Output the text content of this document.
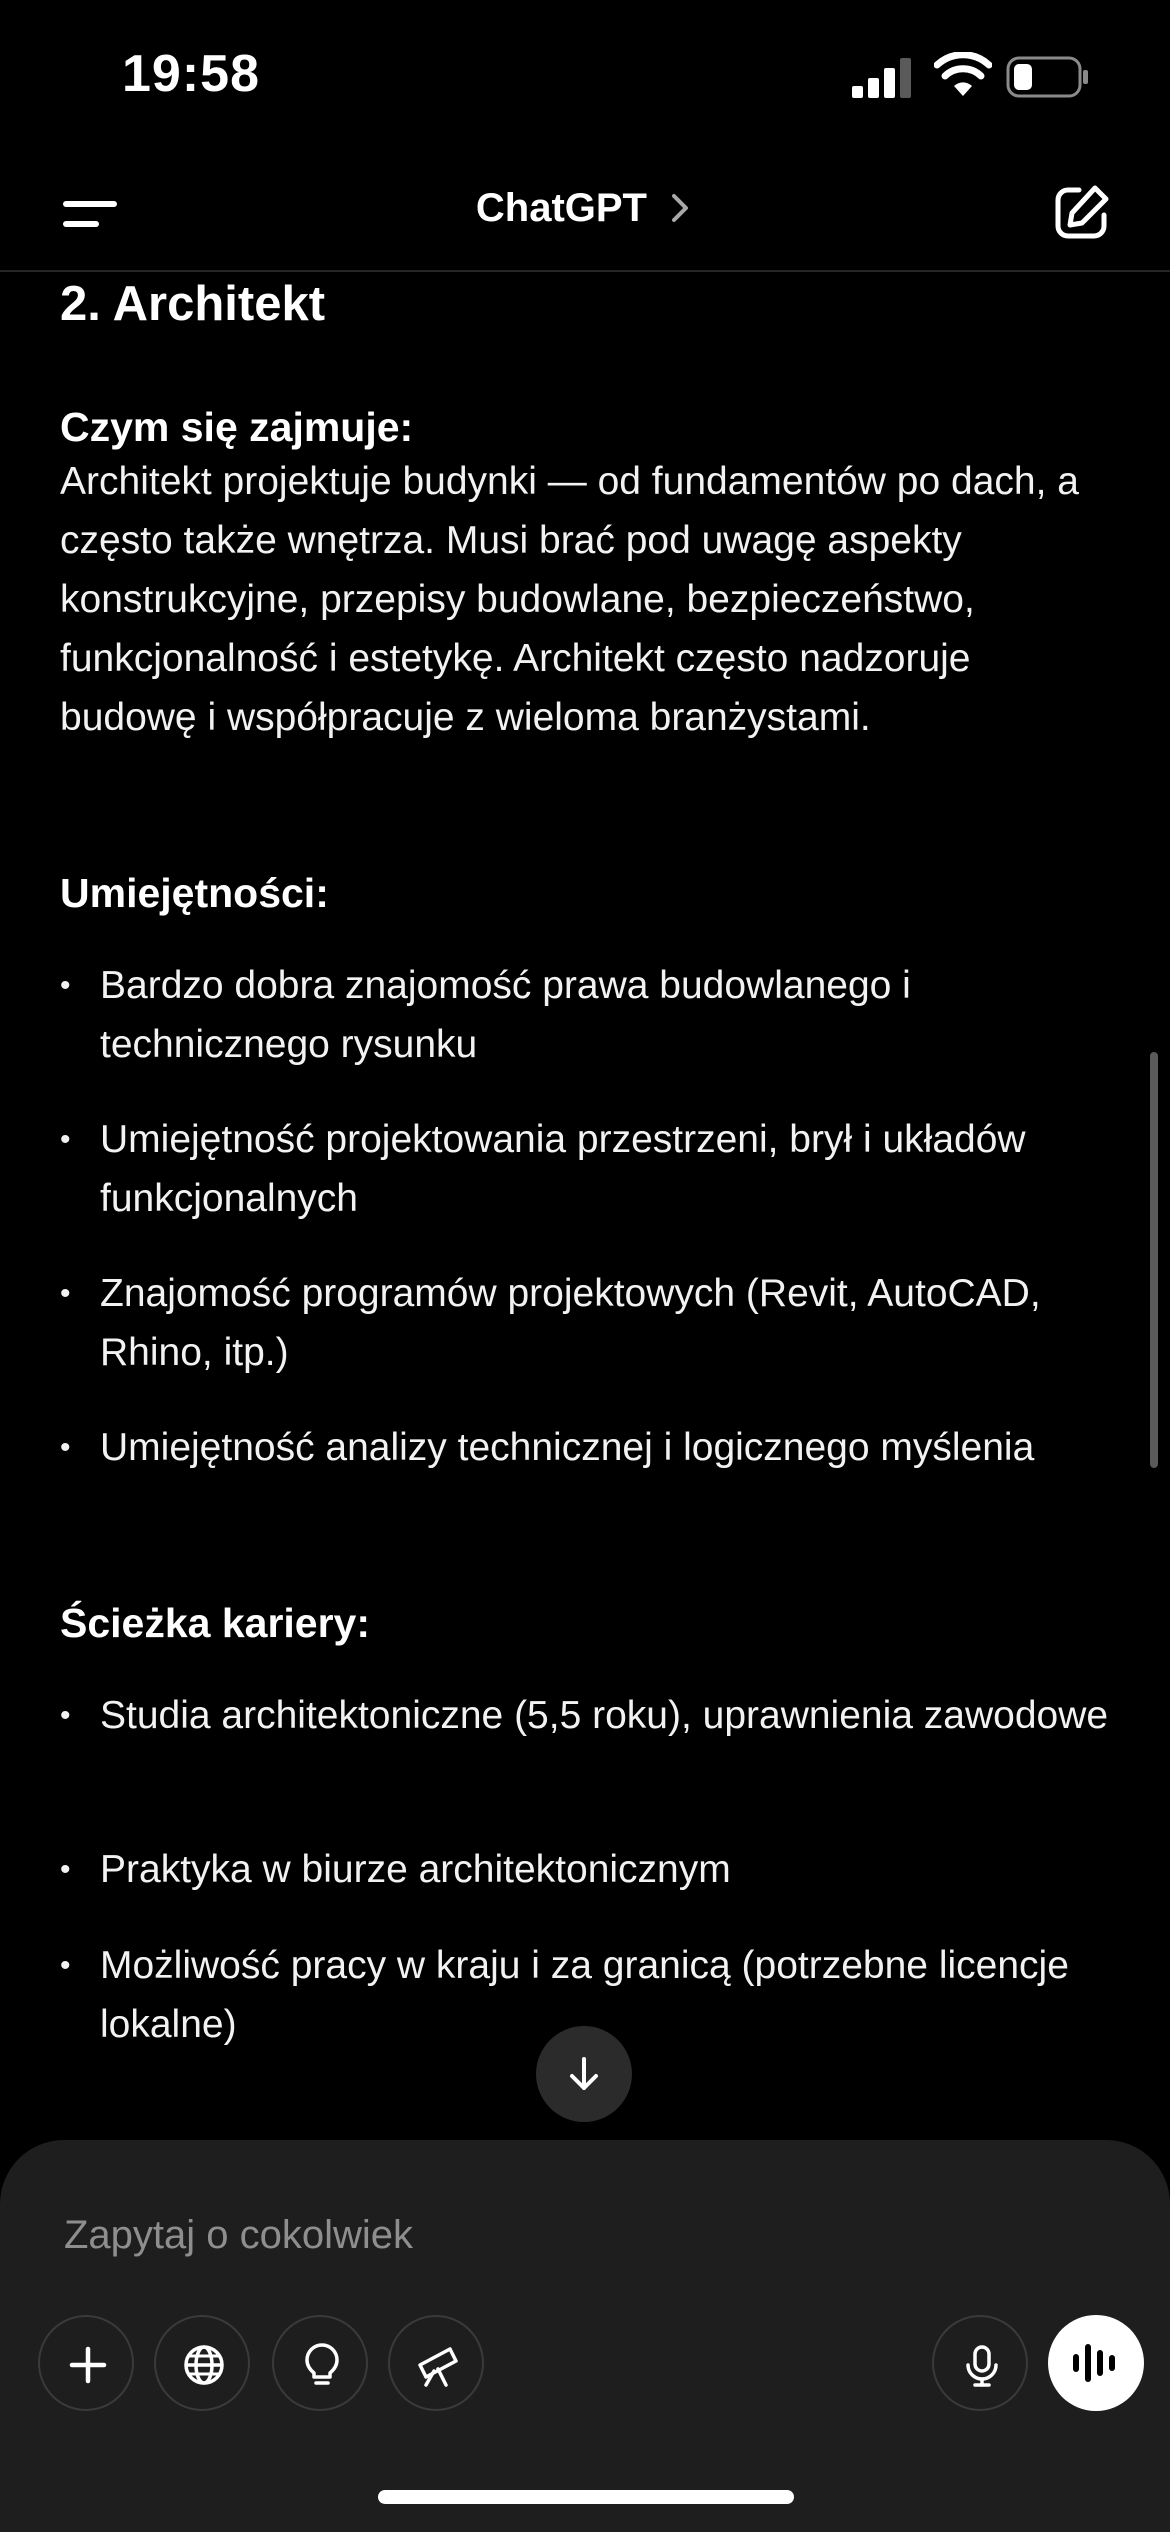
19:58
ChatGPT
2. Architekt
Czym się zajmuje:
Architekt projektuje budynki — od fundamentów po dach, a często także wnętrza. Musi brać pod uwagę aspekty konstrukcyjne, przepisy budowlane, bezpieczeństwo, funkcjonalność i estetykę. Architekt często nadzoruje budowę i współpracuje z wieloma branżystami.
Umiejętności:
• Bardzo dobra znajomość prawa budowlanego i technicznego rysunku
• Umiejętność projektowania przestrzeni, brył i układów funkcjonalnych
• Znajomość programów projektowych (Revit, AutoCAD, Rhino, itp.)
• Umiejętność analizy technicznej i logicznego myślenia
Ścieżka kariery:
• Studia architektoniczne (5,5 roku), uprawnienia zawodowe
• Praktyka w biurze architektonicznym
• Możliwość pracy w kraju i za granicą (potrzebne licencje lokalne)
Zapytaj o cokolwiek
